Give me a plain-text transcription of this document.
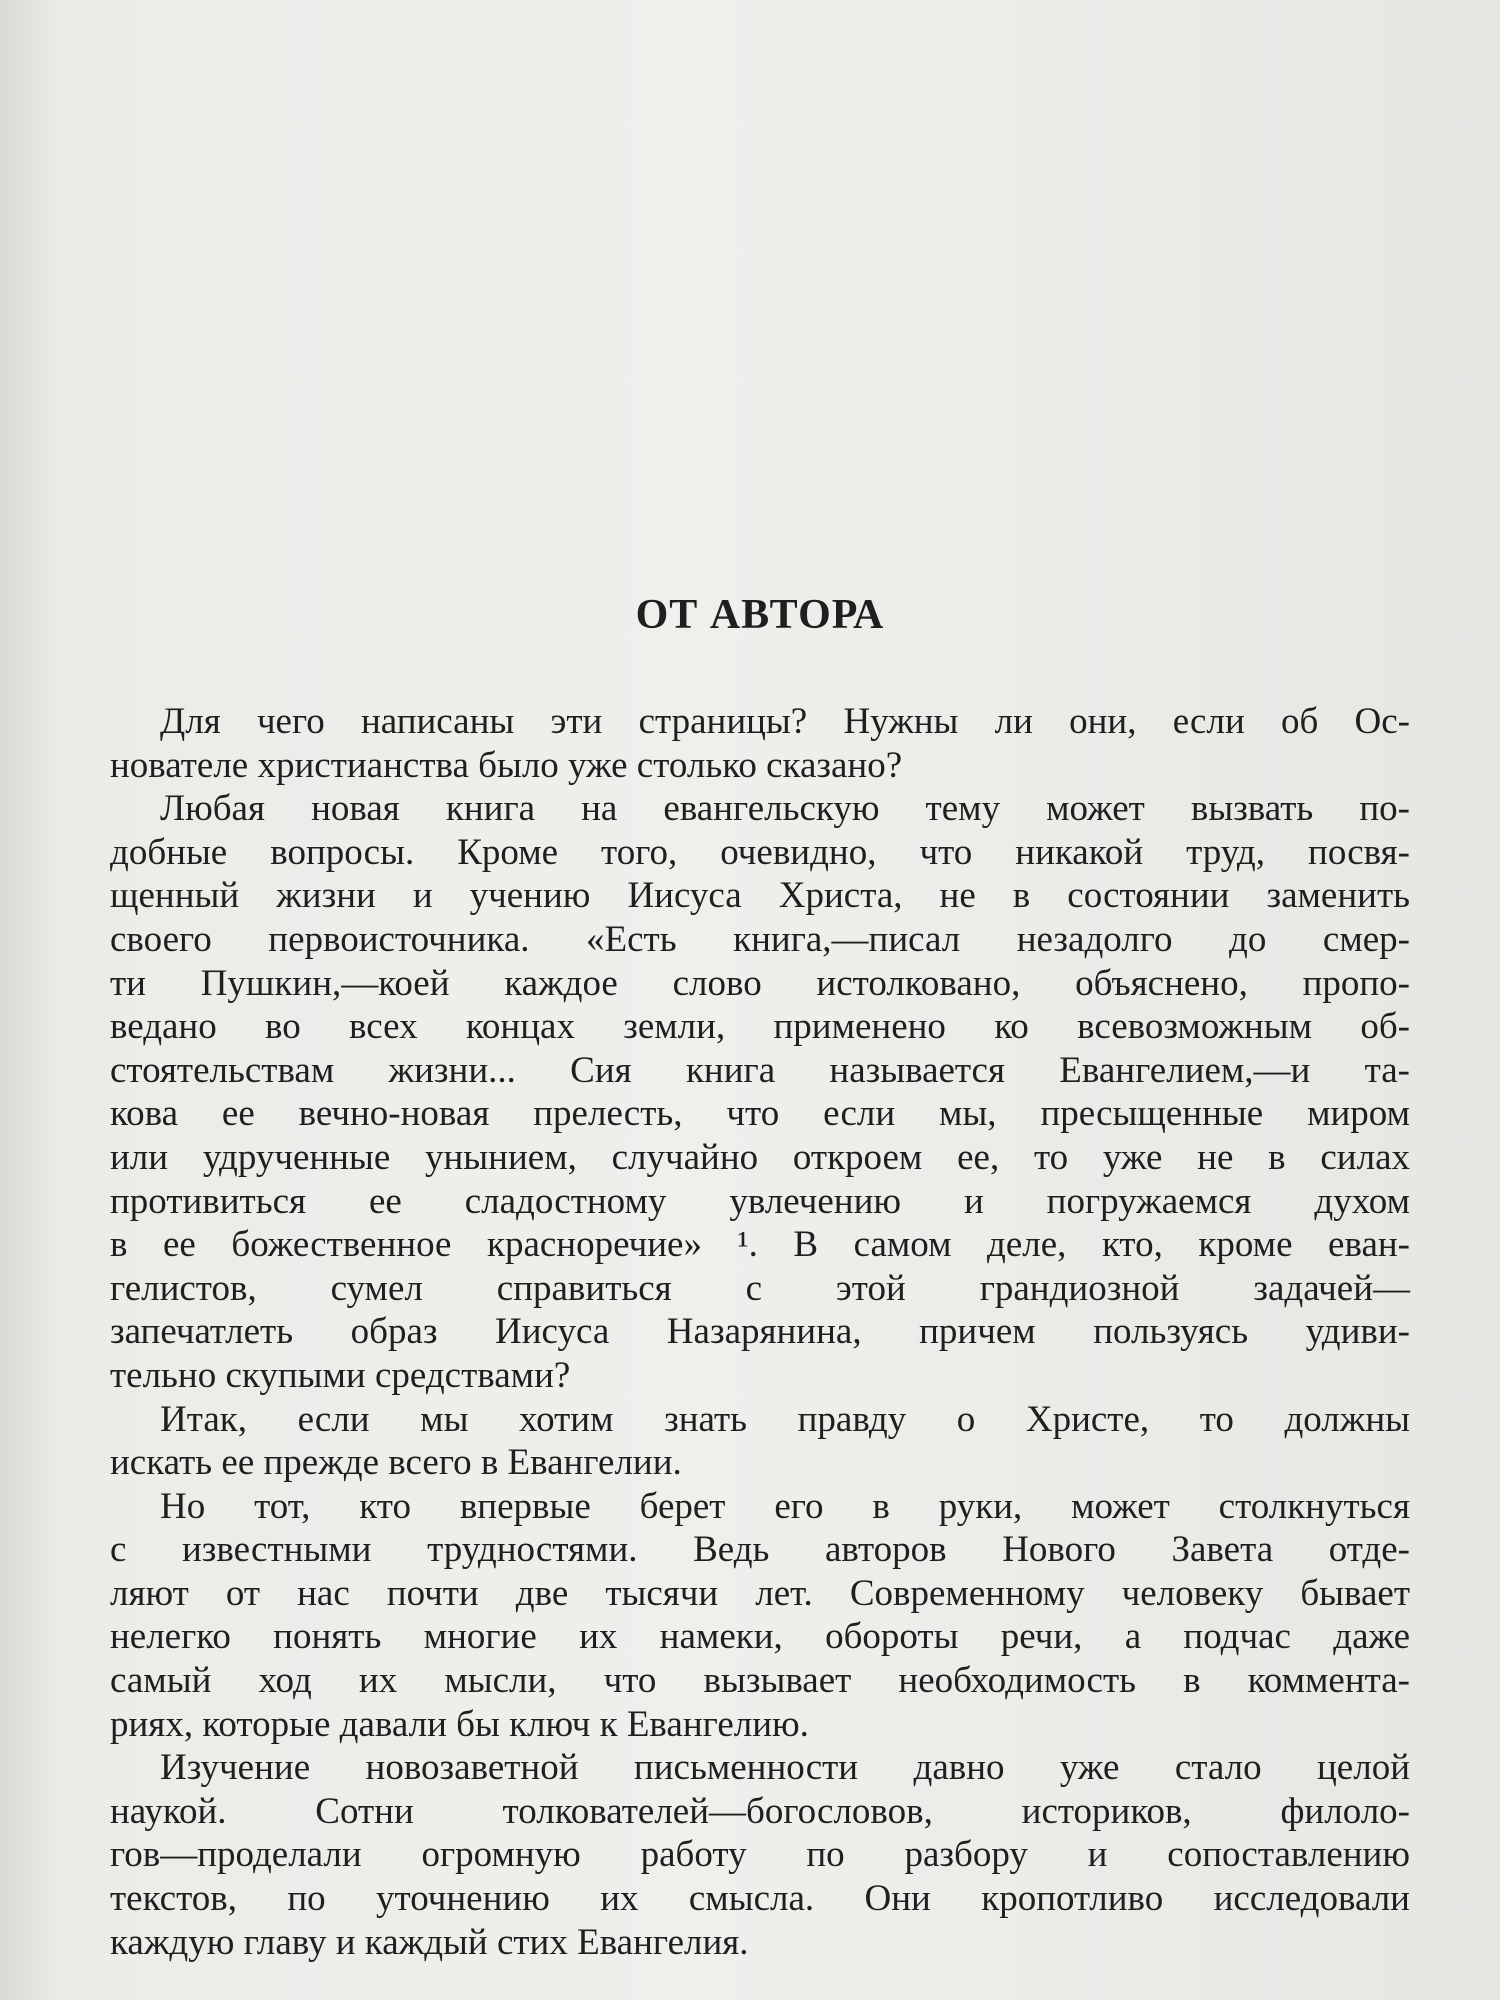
ОТ АВТОРА

Для чего написаны эти страницы? Нужны ли они, если об Ос-
нователе христианства было уже столько сказано?

Любая новая книга на евангельскую тему может вызвать по-
добные вопросы. Кроме того, очевидно, что никакой труд, посвя-
щенный жизни и учению Иисуса Христа, не в состоянии заменить
своего первоисточника. «Есть книга,—писал незадолго до смер-
ти Пушкин,—коей каждое слово истолковано, объяснено, пропо-
ведано во всех концах земли, применено ко всевозможным об-
стоятельствам жизни... Сия книга называется Евангелием,—и та-
кова ее вечно-новая прелесть, что если мы, пресыщенные миром
или удрученные унынием, случайно откроем ее, то уже не в силах
противиться ее сладостному увлечению и погружаемся духом
в ее божественное красноречие» ¹. В самом деле, кто, кроме еван-
гелистов, сумел справиться с этой грандиозной задачей—
запечатлеть образ Иисуса Назарянина, причем пользуясь удиви-
тельно скупыми средствами?

Итак, если мы хотим знать правду о Христе, то должны
искать ее прежде всего в Евангелии.

Но тот, кто впервые берет его в руки, может столкнуться
с известными трудностями. Ведь авторов Нового Завета отде-
ляют от нас почти две тысячи лет. Современному человеку бывает
нелегко понять многие их намеки, обороты речи, а подчас даже
самый ход их мысли, что вызывает необходимость в коммента-
риях, которые давали бы ключ к Евангелию.

Изучение новозаветной письменности давно уже стало целой
наукой. Сотни толкователей—богословов, историков, филоло-
гов—проделали огромную работу по разбору и сопоставлению
текстов, по уточнению их смысла. Они кропотливо исследовали
каждую главу и каждый стих Евангелия.
